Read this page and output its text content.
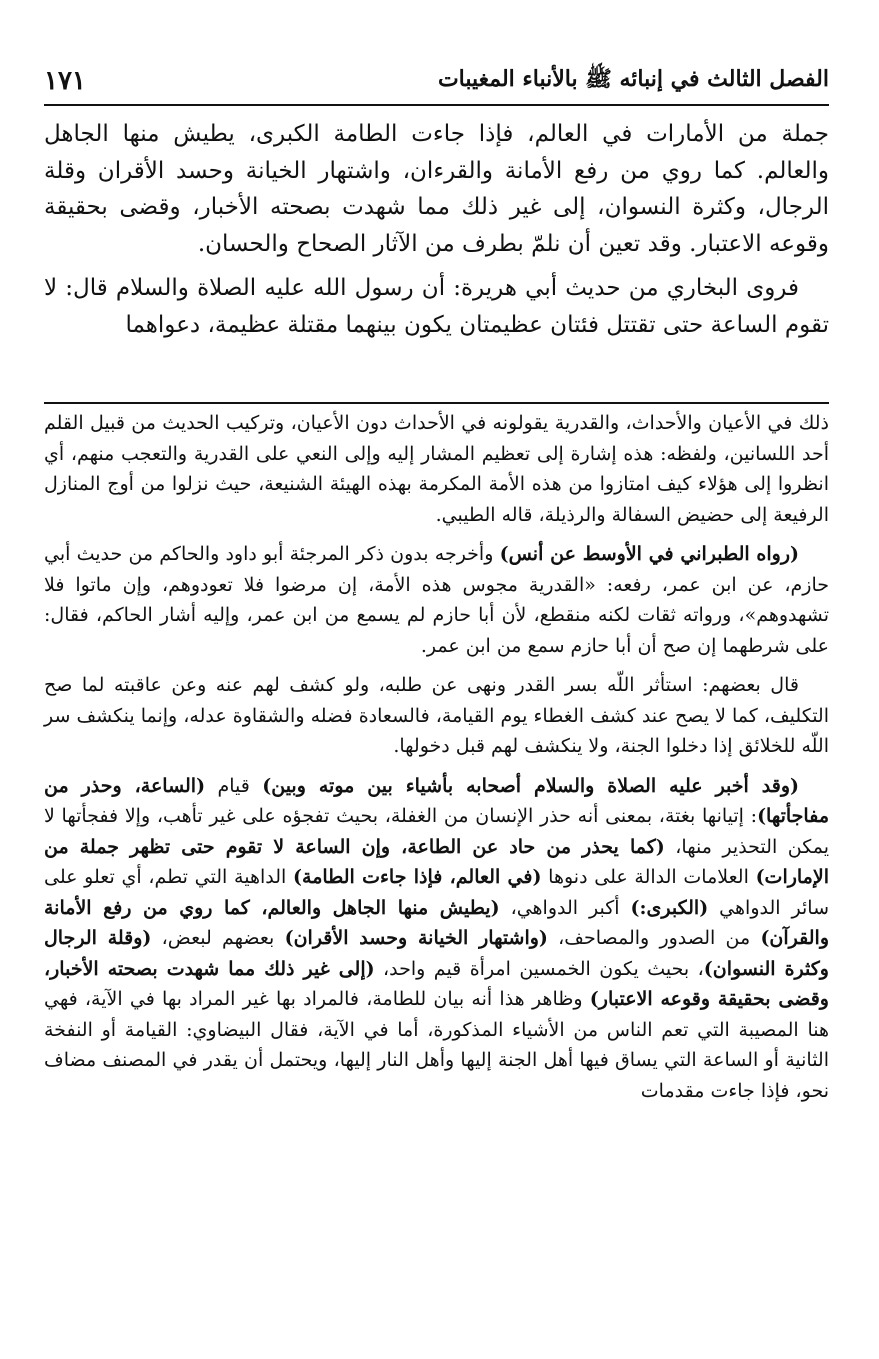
الفصل الثالث في إنبائه ﷺ بالأنباء المغيبات
١٧١

جملة من الأمارات في العالم، فإذا جاءت الطامة الكبرى، يطيش منها الجاهل والعالم. كما روي من رفع الأمانة والقرءان، واشتهار الخيانة وحسد الأقران وقلة الرجال، وكثرة النسوان، إلى غير ذلك مما شهدت بصحته الأخبار، وقضى بحقيقة وقوعه الاعتبار. وقد تعين أن نلمّ بطرف من الآثار الصحاح والحسان.

فروى البخاري من حديث أبي هريرة: أن رسول الله عليه الصلاة والسلام قال: لا تقوم الساعة حتى تقتتل فئتان عظيمتان يكون بينهما مقتلة عظيمة، دعواهما

ذلك في الأعيان والأحداث، والقدرية يقولونه في الأحداث دون الأعيان، وتركيب الحديث من قبيل القلم أحد اللسانين، ولفظه: هذه إشارة إلى تعظيم المشار إليه وإلى النعي على القدرية والتعجب منهم، أي انظروا إلى هؤلاء كيف امتازوا من هذه الأمة المكرمة بهذه الهيئة الشنيعة، حيث نزلوا من أوج المنازل الرفيعة إلى حضيض السفالة والرذيلة، قاله الطيبي.

(رواه الطبراني في الأوسط عن أنس) وأخرجه بدون ذكر المرجئة أبو داود والحاكم من حديث أبي حازم، عن ابن عمر، رفعه: «القدرية مجوس هذه الأمة، إن مرضوا فلا تعودوهم، وإن ماتوا فلا تشهدوهم»، ورواته ثقات لكنه منقطع، لأن أبا حازم لم يسمع من ابن عمر، وإليه أشار الحاكم، فقال: على شرطهما إن صح أن أبا حازم سمع من ابن عمر.

قال بعضهم: استأثر اللّه بسر القدر ونهى عن طلبه، ولو كشف لهم عنه وعن عاقبته لما صح التكليف، كما لا يصح عند كشف الغطاء يوم القيامة، فالسعادة فضله والشقاوة عدله، وإنما ينكشف سر اللّه للخلائق إذا دخلوا الجنة، ولا ينكشف لهم قبل دخولها.

(وقد أخبر عليه الصلاة والسلام أصحابه بأشياء بين موته وبين) قيام (الساعة، وحذر من مفاجأتها): إتيانها بغتة، بمعنى أنه حذر الإنسان من الغفلة، بحيث تفجؤه على غير تأهب، وإلا ففجأتها لا يمكن التحذير منها، (كما يحذر من حاد عن الطاعة، وإن الساعة لا تقوم حتى تظهر جملة من الإمارات) العلامات الدالة على دنوها (في العالم، فإذا جاءت الطامة) الداهية التي تطم، أي تعلو على سائر الدواهي (الكبرى:) أكبر الدواهي، (يطيش منها الجاهل والعالم، كما روي من رفع الأمانة والقرآن) من الصدور والمصاحف، (واشتهار الخيانة وحسد الأقران) بعضهم لبعض، (وقلة الرجال وكثرة النسوان)، بحيث يكون الخمسين امرأة قيم واحد، (إلى غير ذلك مما شهدت بصحته الأخبار، وقضى بحقيقة وقوعه الاعتبار) وظاهر هذا أنه بيان للطامة، فالمراد بها غير المراد بها في الآية، فهي هنا المصيبة التي تعم الناس من الأشياء المذكورة، أما في الآية، فقال البيضاوي: القيامة أو النفخة الثانية أو الساعة التي يساق فيها أهل الجنة إليها وأهل النار إليها، ويحتمل أن يقدر في المصنف مضاف نحو، فإذا جاءت مقدمات
